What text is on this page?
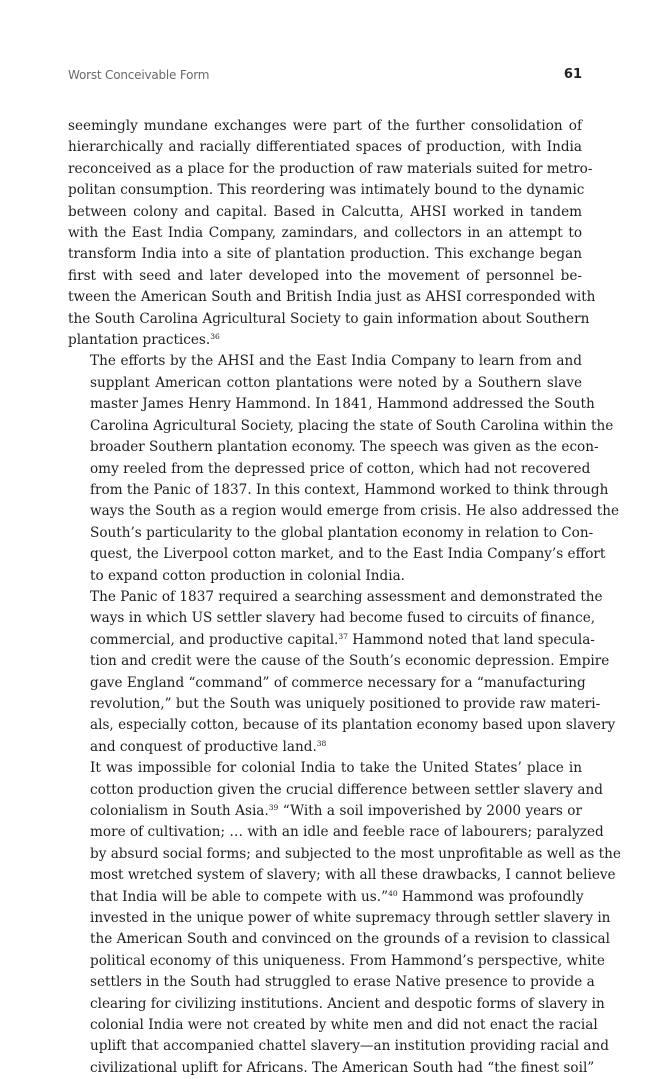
Worst Conceivable Form	61

seemingly mundane exchanges were part of the further consolidation of
hierarchically and racially differentiated spaces of production, with India
reconceived as a place for the production of raw materials suited for metro-
politan consumption. This reordering was intimately bound to the dynamic
between colony and capital. Based in Calcutta, AHSI worked in tandem
with the East India Company, zamindars, and collectors in an attempt to
transform India into a site of plantation production. This exchange began
first with seed and later developed into the movement of personnel be-
tween the American South and British India just as AHSI corresponded with
the South Carolina Agricultural Society to gain information about Southern
plantation practices.$^{36}$

The efforts by the AHSI and the East India Company to learn from and
supplant American cotton plantations were noted by a Southern slave
master James Henry Hammond. In 1841, Hammond addressed the South
Carolina Agricultural Society, placing the state of South Carolina within the
broader Southern plantation economy. The speech was given as the econ-
omy reeled from the depressed price of cotton, which had not recovered
from the Panic of 1837. In this context, Hammond worked to think through
ways the South as a region would emerge from crisis. He also addressed the
South’s particularity to the global plantation economy in relation to Con-
quest, the Liverpool cotton market, and to the East India Company’s effort
to expand cotton production in colonial India.

The Panic of 1837 required a searching assessment and demonstrated the
ways in which US settler slavery had become fused to circuits of finance,
commercial, and productive capital.$^{37}$ Hammond noted that land specula-
tion and credit were the cause of the South’s economic depression. Empire
gave England “command” of commerce necessary for a “manufacturing
revolution,” but the South was uniquely positioned to provide raw materi-
als, especially cotton, because of its plantation economy based upon slavery
and conquest of productive land.$^{38}$

It was impossible for colonial India to take the United States’ place in
cotton production given the crucial difference between settler slavery and
colonialism in South Asia.$^{39}$ “With a soil impoverished by 2000 years or
more of cultivation; … with an idle and feeble race of labourers; paralyzed
by absurd social forms; and subjected to the most unprofitable as well as the
most wretched system of slavery; with all these drawbacks, I cannot believe
that India will be able to compete with us.”$^{40}$ Hammond was profoundly
invested in the unique power of white supremacy through settler slavery in
the American South and convinced on the grounds of a revision to classical
political economy of this uniqueness. From Hammond’s perspective, white
settlers in the South had struggled to erase Native presence to provide a
clearing for civilizing institutions. Ancient and despotic forms of slavery in
colonial India were not created by white men and did not enact the racial
uplift that accompanied chattel slavery—an institution providing racial and
civilizational uplift for Africans. The American South had “the finest soil”
